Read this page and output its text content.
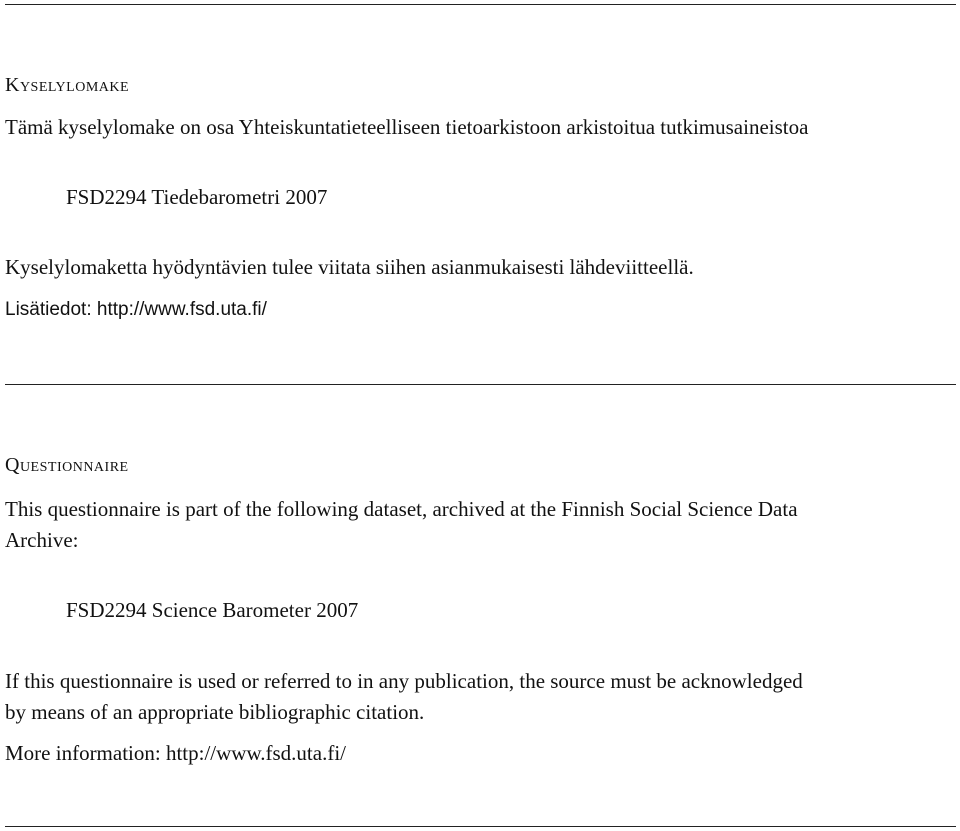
Kyselylomake
Tämä kyselylomake on osa Yhteiskuntatieteelliseen tietoarkistoon arkistoitua tutkimusaineistoa
FSD2294 Tiedebarometri 2007
Kyselylomaketta hyödyntävien tulee viitata siihen asianmukaisesti lähdeviitteellä.
Lisätiedot: http://www.fsd.uta.fi/
Questionnaire
This questionnaire is part of the following dataset, archived at the Finnish Social Science Data
Archive:
FSD2294 Science Barometer 2007
If this questionnaire is used or referred to in any publication, the source must be acknowledged
by means of an appropriate bibliographic citation.
More information: http://www.fsd.uta.fi/
